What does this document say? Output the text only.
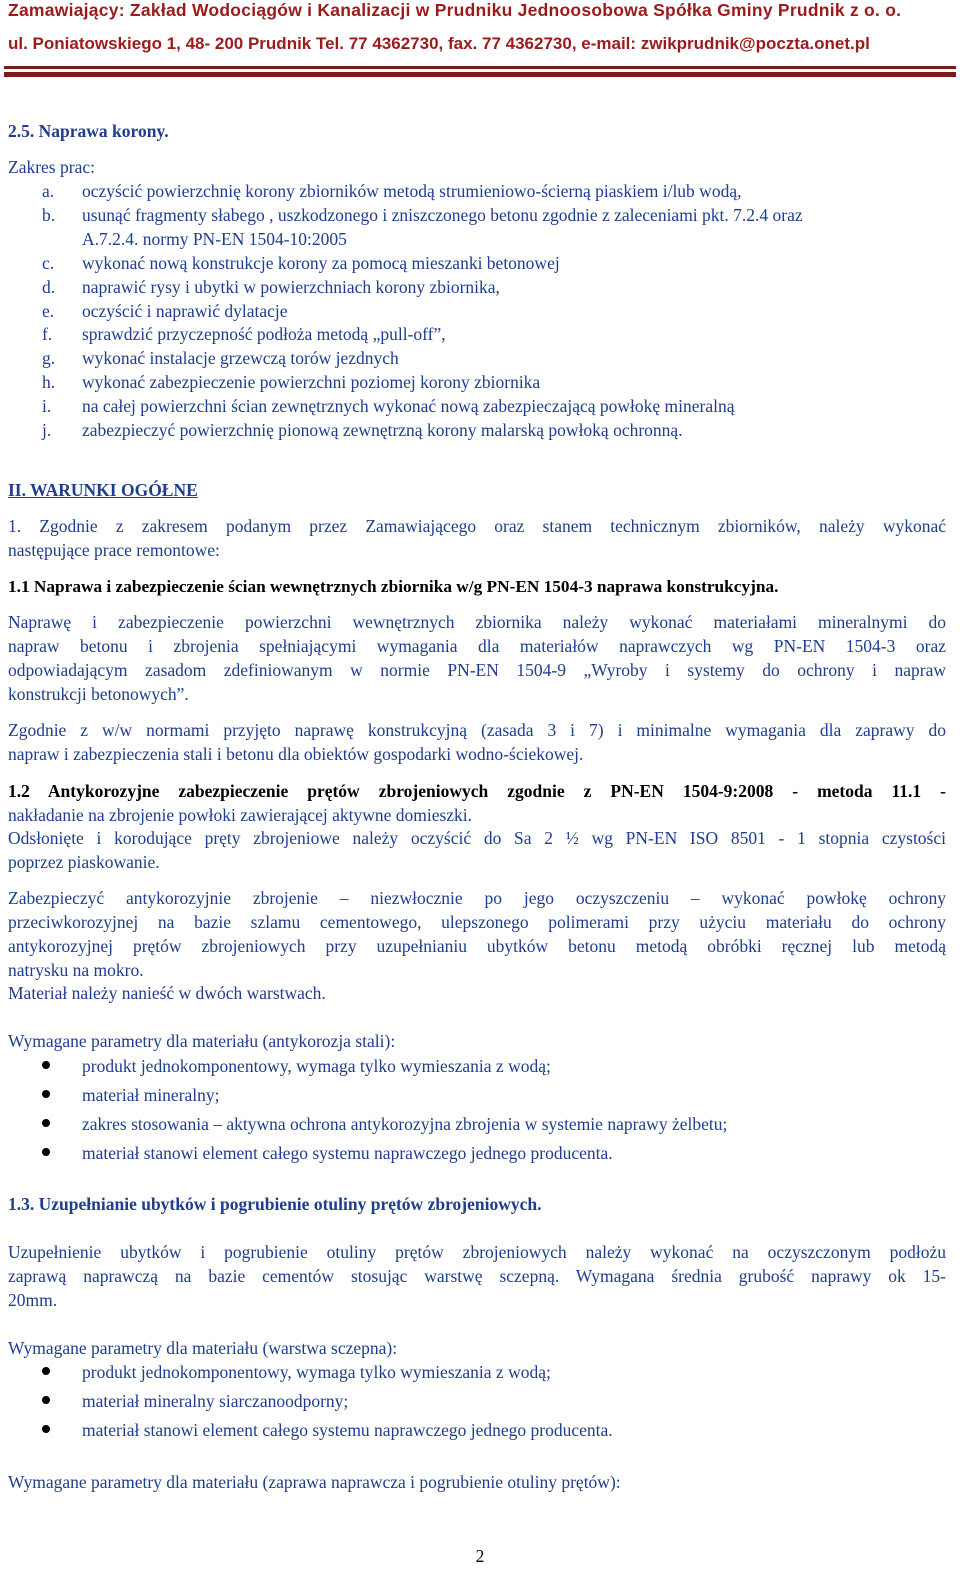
Zamawiający: Zakład Wodociągów i Kanalizacji w Prudniku Jednoosobowa Spółka Gminy Prudnik z o. o.
ul. Poniatowskiego 1, 48- 200 Prudnik Tel. 77 4362730, fax. 77 4362730, e-mail: zwikprudnik@poczta.onet.pl
2.5. Naprawa korony.
Zakres prac:
a. oczyścić powierzchnię korony zbiorników metodą strumieniowo-ścierną piaskiem i/lub wodą,
b. usunąć fragmenty słabego , uszkodzonego i zniszczonego betonu zgodnie z zaleceniami pkt. 7.2.4 oraz
A.7.2.4. normy PN-EN 1504-10:2005
c. wykonać nową konstrukcje korony za pomocą mieszanki betonowej
d. naprawić rysy i ubytki w powierzchniach korony zbiornika,
e. oczyścić i naprawić dylatacje
f. sprawdzić przyczepność podłoża metodą „pull-off”,
g. wykonać instalacje grzewczą torów jezdnych
h. wykonać zabezpieczenie powierzchni poziomej korony zbiornika
i. na całej powierzchni ścian zewnętrznych wykonać nową zabezpieczającą powłokę mineralną
j. zabezpieczyć powierzchnię pionową zewnętrzną korony malarską powłoką ochronną.
II. WARUNKI OGÓŁNE
1. Zgodnie z zakresem podanym przez Zamawiającego oraz stanem technicznym zbiorników, należy wykonać
następujące prace remontowe:
1.1 Naprawa i zabezpieczenie ścian wewnętrznych zbiornika w/g PN-EN 1504-3 naprawa konstrukcyjna.
Naprawę i zabezpieczenie powierzchni wewnętrznych zbiornika należy wykonać materiałami mineralnymi do
napraw betonu i zbrojenia spełniającymi wymagania dla materiałów naprawczych wg PN-EN 1504-3 oraz
odpowiadającym zasadom zdefiniowanym w normie PN-EN 1504-9 „Wyroby i systemy do ochrony i napraw
konstrukcji betonowych”.
Zgodnie z w/w normami przyjęto naprawę konstrukcyjną (zasada 3 i 7) i minimalne wymagania dla zaprawy do
napraw i zabezpieczenia stali i betonu dla obiektów gospodarki wodno-ściekowej.
1.2 Antykorozyjne zabezpieczenie prętów zbrojeniowych zgodnie z PN-EN 1504-9:2008 - metoda 11.1 -
nakładanie na zbrojenie powłoki zawierającej aktywne domieszki.
Odsłonięte i korodujące pręty zbrojeniowe należy oczyścić do Sa 2 ½ wg PN-EN ISO 8501 - 1 stopnia czystości
poprzez piaskowanie.
Zabezpieczyć antykorozyjnie zbrojenie – niezwłocznie po jego oczyszczeniu – wykonać powłokę ochrony
przeciwkorozyjnej na bazie szlamu cementowego, ulepszonego polimerami przy użyciu materiału do ochrony
antykorozyjnej prętów zbrojeniowych przy uzupełnianiu ubytków betonu metodą obróbki ręcznej lub metodą
natrysku na mokro.
Materiał należy nanieść w dwóch warstwach.
Wymagane parametry dla materiału (antykorozja stali):
produkt jednokomponentowy, wymaga tylko wymieszania z wodą;
materiał mineralny;
zakres stosowania – aktywna ochrona antykorozyjna zbrojenia w systemie naprawy żelbetu;
materiał stanowi element całego systemu naprawczego jednego producenta.
1.3. Uzupełnianie ubytków i pogrubienie otuliny prętów zbrojeniowych.
Uzupełnienie ubytków i pogrubienie otuliny prętów zbrojeniowych należy wykonać na oczyszczonym podłożu
zaprawą naprawczą na bazie cementów stosując warstwę sczepną. Wymagana średnia grubość naprawy ok 15-
20mm.
Wymagane parametry dla materiału (warstwa sczepna):
produkt jednokomponentowy, wymaga tylko wymieszania z wodą;
materiał mineralny siarczanoodporny;
materiał stanowi element całego systemu naprawczego jednego producenta.
Wymagane parametry dla materiału (zaprawa naprawcza i pogrubienie otuliny prętów):
2
